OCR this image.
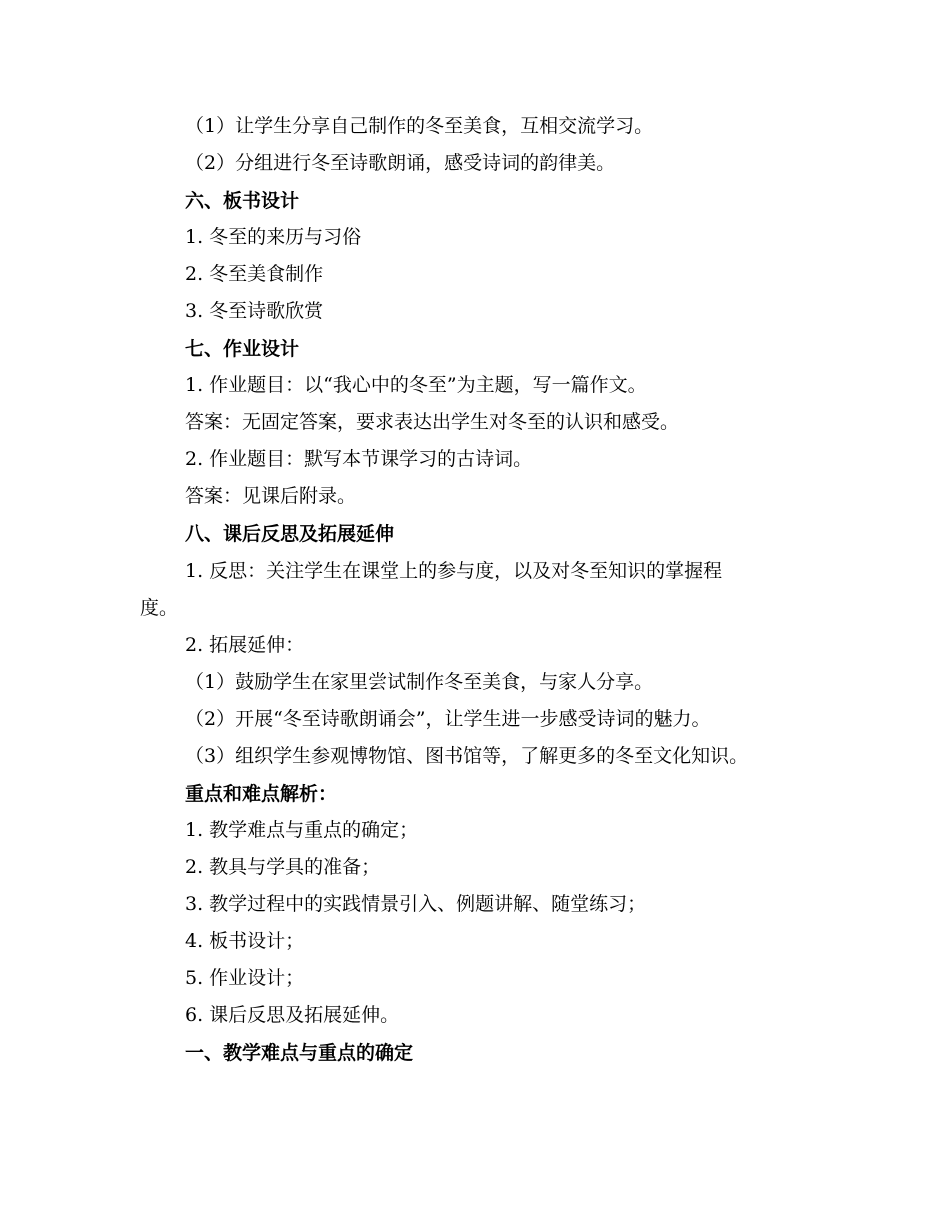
（1）让学生分享自己制作的冬至美食，互相交流学习。
（2）分组进行冬至诗歌朗诵，感受诗词的韵律美。
六、板书设计
1. 冬至的来历与习俗
2. 冬至美食制作
3. 冬至诗歌欣赏
七、作业设计
1. 作业题目：以“我心中的冬至”为主题，写一篇作文。
答案：无固定答案，要求表达出学生对冬至的认识和感受。
2. 作业题目：默写本节课学习的古诗词。
答案：见课后附录。
八、课后反思及拓展延伸
1. 反思：关注学生在课堂上的参与度，以及对冬至知识的掌握程
度。
2. 拓展延伸：
（1）鼓励学生在家里尝试制作冬至美食，与家人分享。
（2）开展“冬至诗歌朗诵会”，让学生进一步感受诗词的魅力。
（3）组织学生参观博物馆、图书馆等，了解更多的冬至文化知识。
重点和难点解析：
1. 教学难点与重点的确定；
2. 教具与学具的准备；
3. 教学过程中的实践情景引入、例题讲解、随堂练习；
4. 板书设计；
5. 作业设计；
6. 课后反思及拓展延伸。
一、教学难点与重点的确定
